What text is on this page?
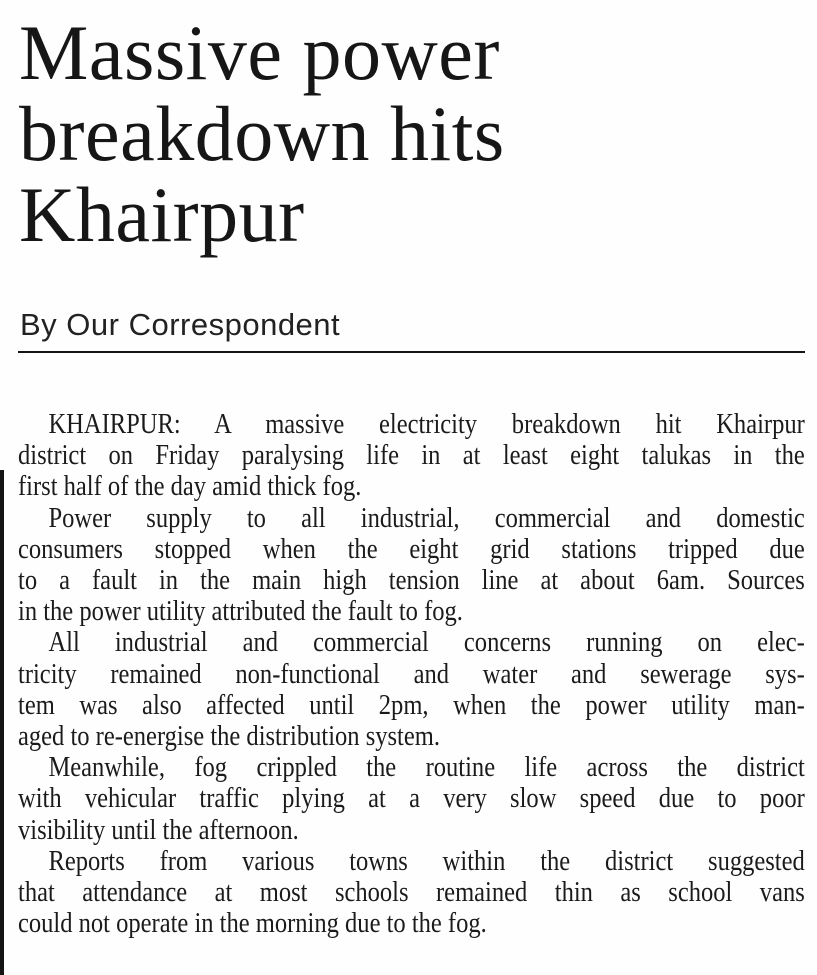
Massive power
breakdown hits
Khairpur
By Our Correspondent
KHAIRPUR: A massive electricity breakdown hit Khairpur
district on Friday paralysing life in at least eight talukas in the
first half of the day amid thick fog.
Power supply to all industrial, commercial and domestic
consumers stopped when the eight grid stations tripped due
to a fault in the main high tension line at about 6am. Sources
in the power utility attributed the fault to fog.
All industrial and commercial concerns running on elec-
tricity remained non-functional and water and sewerage sys-
tem was also affected until 2pm, when the power utility man-
aged to re-energise the distribution system.
Meanwhile, fog crippled the routine life across the district
with vehicular traffic plying at a very slow speed due to poor
visibility until the afternoon.
Reports from various towns within the district suggested
that attendance at most schools remained thin as school vans
could not operate in the morning due to the fog.
